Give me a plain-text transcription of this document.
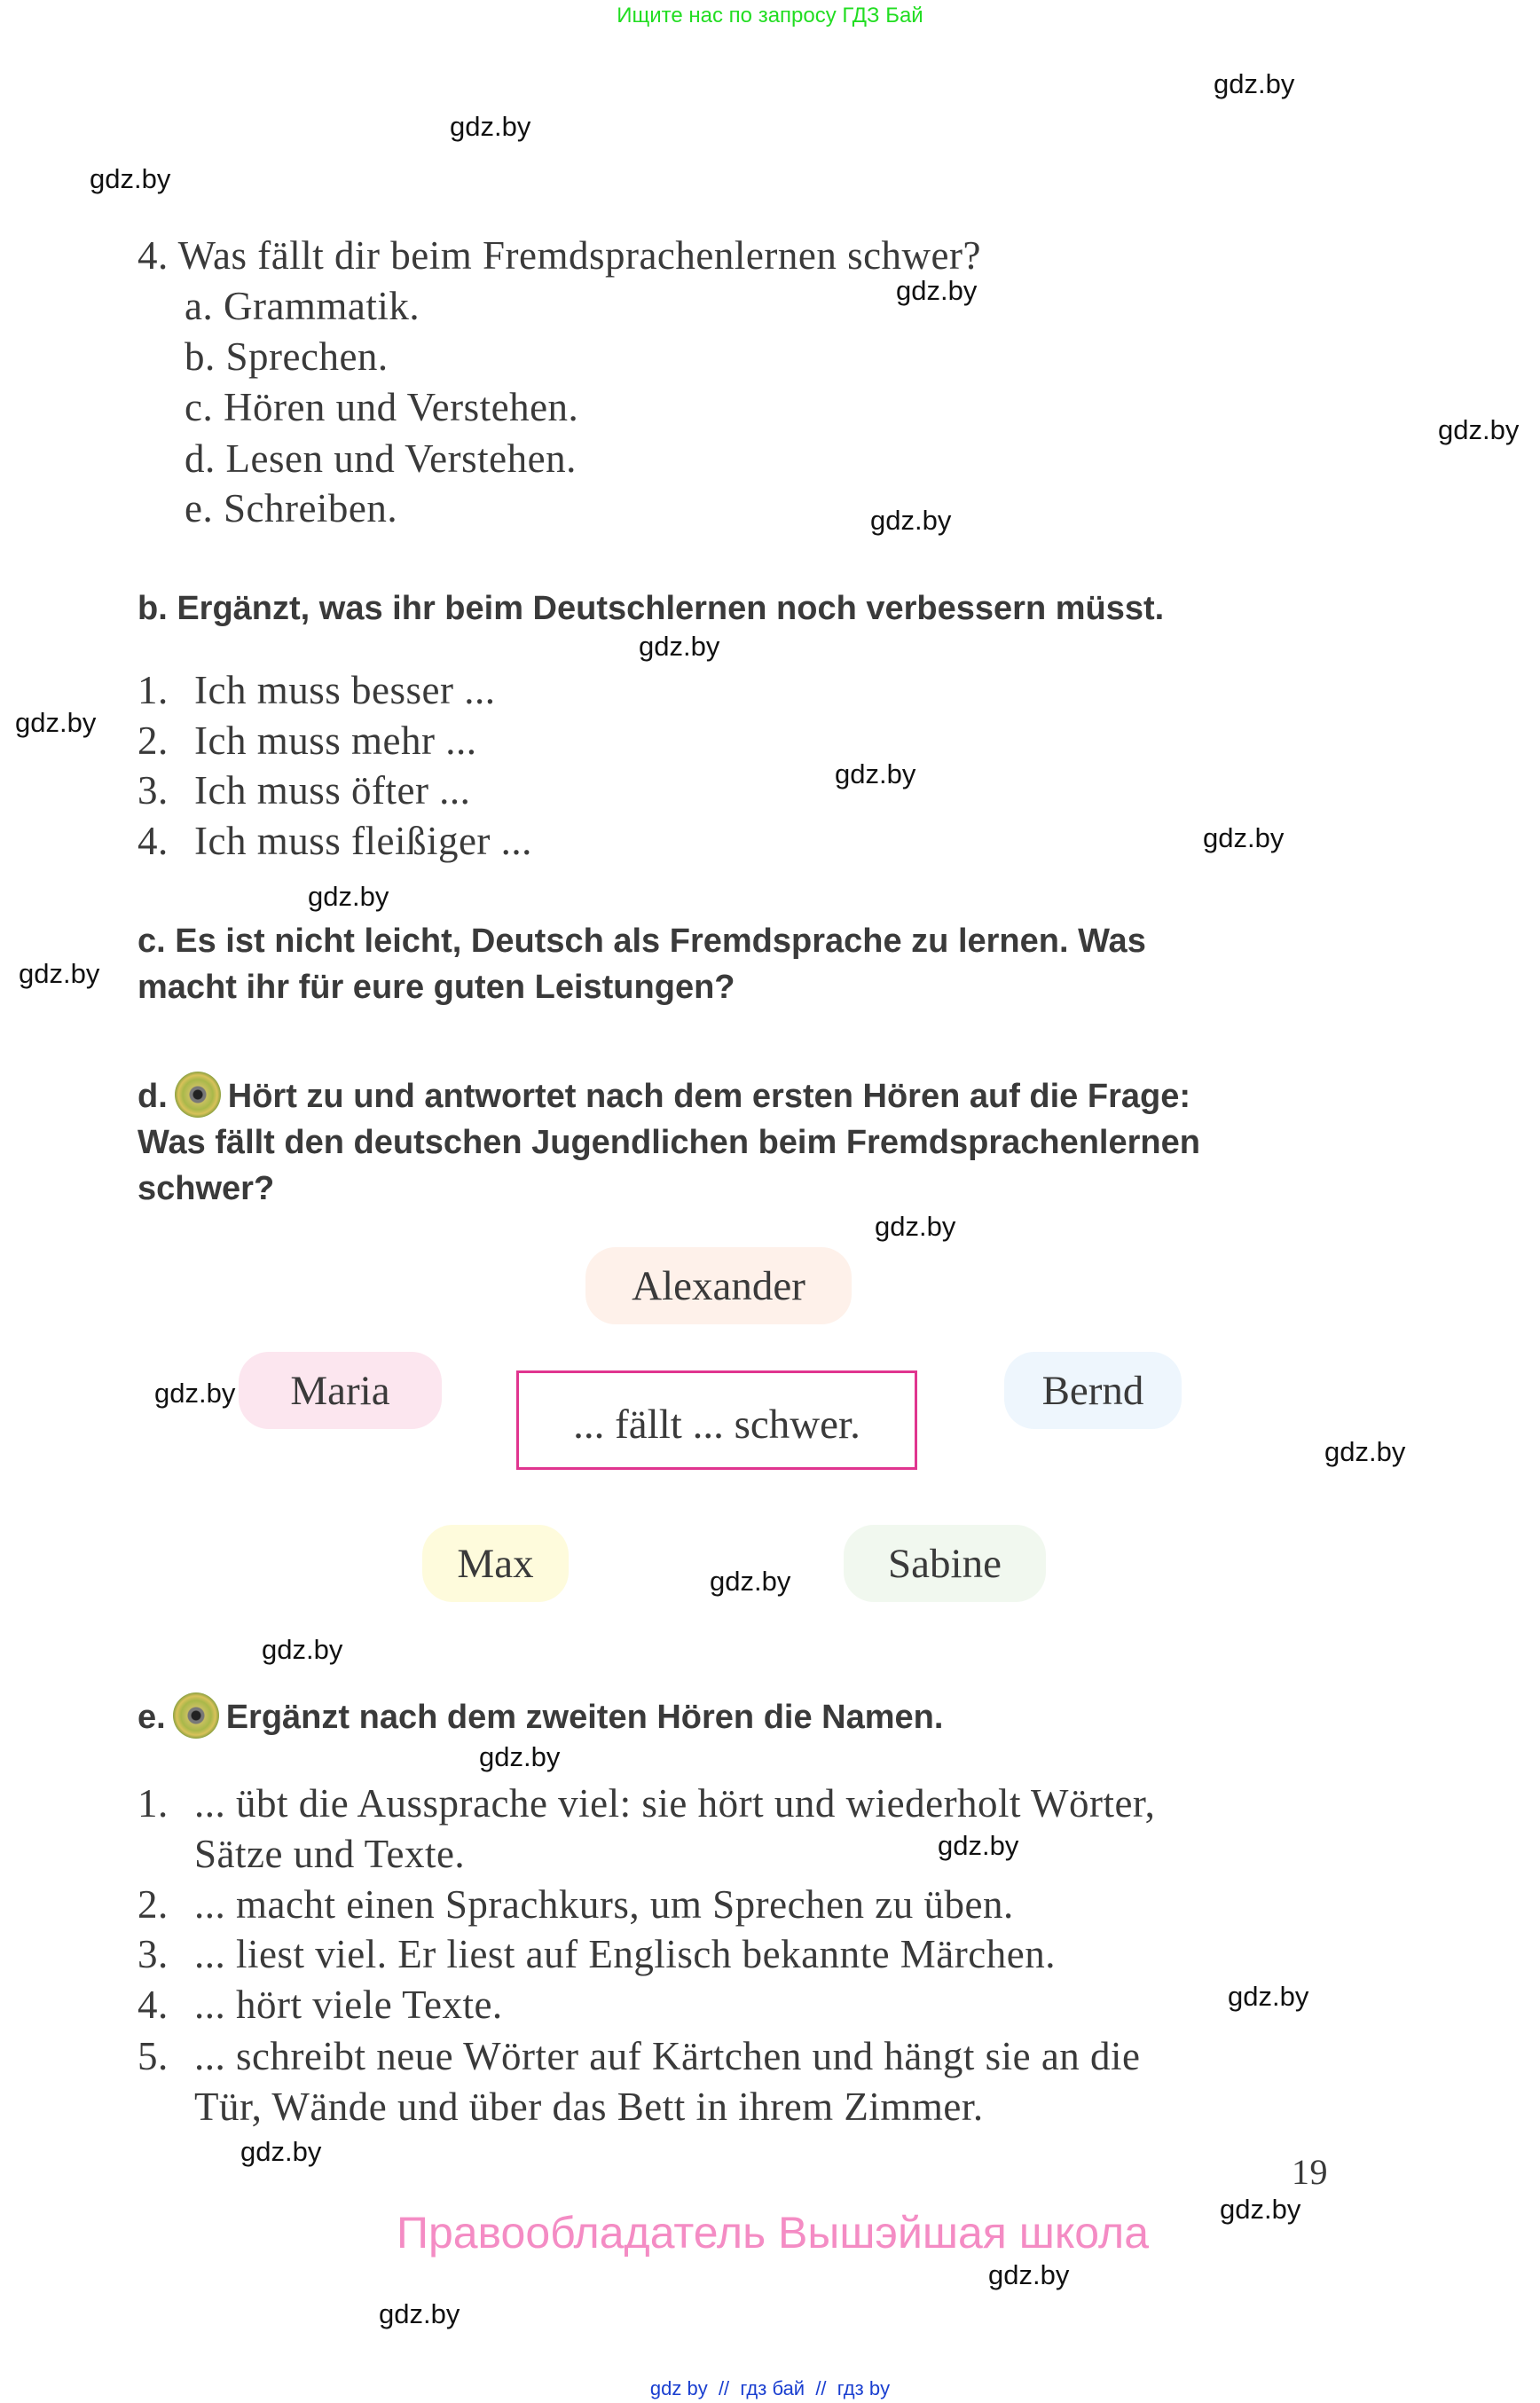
Ищите нас по запросу ГДЗ Бай
gdz.by
gdz.by
gdz.by
gdz.by
gdz.by
gdz.by
gdz.by
gdz.by
gdz.by
gdz.by
gdz.by
gdz.by
gdz.by
gdz.by
gdz.by
gdz.by
gdz.by
gdz.by
gdz.by
gdz.by
gdz.by
gdz.by
gdz.by
gdz.by
4. Was fällt dir beim Fremdsprachenlernen schwer?
a. Grammatik.
b. Sprechen.
c. Hören und Verstehen.
d. Lesen und Verstehen.
e. Schreiben.
b. Ergänzt, was ihr beim Deutschlernen noch verbessern müsst.
1. Ich muss besser ...
2. Ich muss mehr ...
3. Ich muss öfter ...
4. Ich muss fleißiger ...
c. Es ist nicht leicht, Deutsch als Fremdsprache zu lernen. Was
macht ihr für eure guten Leistungen?
d. Hört zu und antwortet nach dem ersten Hören auf die Frage:
Was fällt den deutschen Jugendlichen beim Fremdsprachenlernen
schwer?
Alexander
Maria	Bernd
... fällt ... schwer.
Max	Sabine
e. Ergänzt nach dem zweiten Hören die Namen.
1. ... übt die Aussprache viel: sie hört und wiederholt Wörter,
Sätze und Texte.
2. ... macht einen Sprachkurs, um Sprechen zu üben.
3. ... liest viel. Er liest auf Englisch bekannte Märchen.
4. ... hört viele Texte.
5. ... schreibt neue Wörter auf Kärtchen und hängt sie an die
Tür, Wände und über das Bett in ihrem Zimmer.
19
Правообладатель Вышэйшая школа
gdz by  //  гдз бай  //  гдз by
